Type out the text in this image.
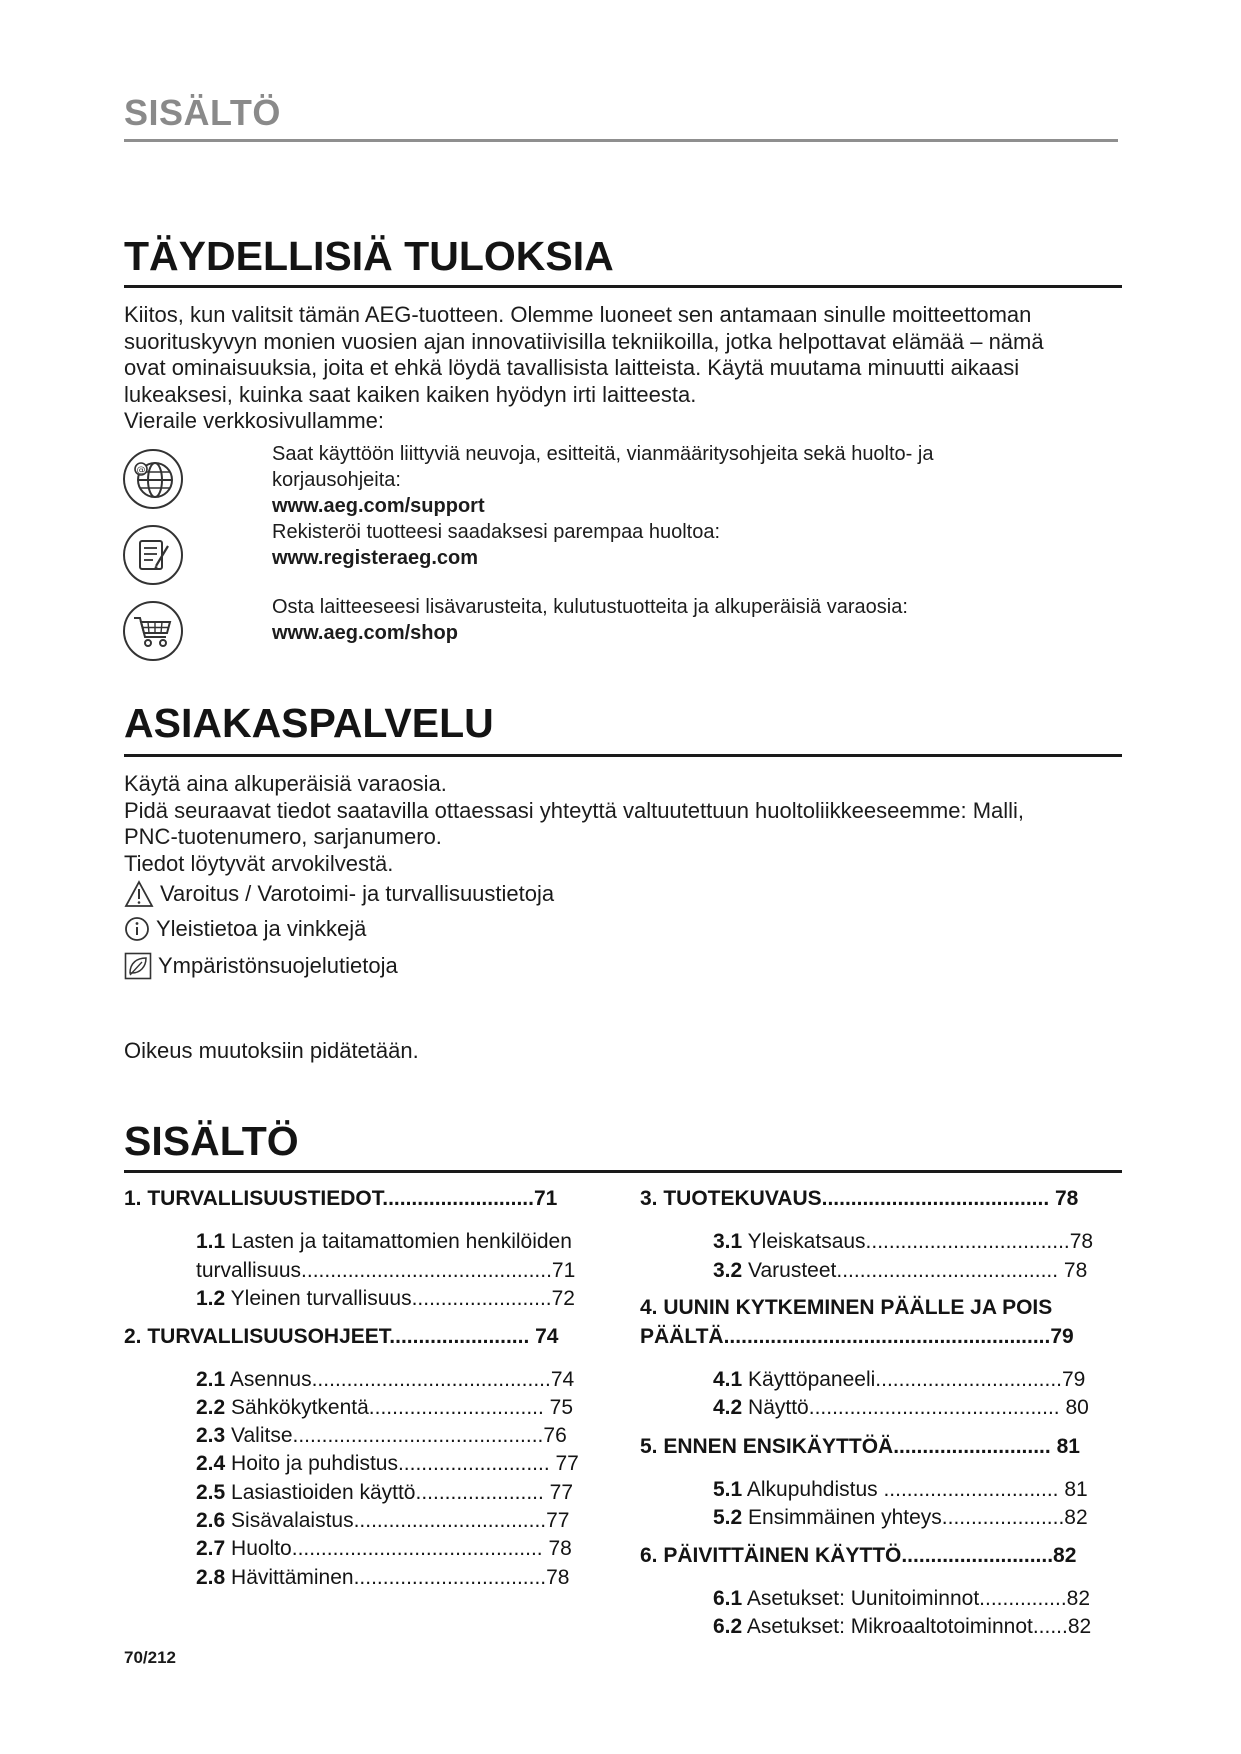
SISÄLTÖ
TÄYDELLISIÄ TULOKSIA
Kiitos, kun valitsit tämän AEG-tuotteen. Olemme luoneet sen antamaan sinulle moitteettoman
suorituskyvyn monien vuosien ajan innovatiivisilla tekniikoilla, jotka helpottavat elämää – nämä
ovat ominaisuuksia, joita et ehkä löydä tavallisista laitteista. Käytä muutama minuutti aikaasi
lukeaksesi, kuinka saat kaiken kaiken hyödyn irti laitteesta.
Vieraile verkkosivullamme:
@
Saat käyttöön liittyviä neuvoja, esitteitä, vianmääritysohjeita sekä huolto- ja
korjausohjeita:
www.aeg.com/support
Rekisteröi tuotteesi saadaksesi parempaa huoltoa:
www.registeraeg.com
Osta laitteeseesi lisävarusteita, kulutustuotteita ja alkuperäisiä varaosia:
www.aeg.com/shop
ASIAKASPALVELU
Käytä aina alkuperäisiä varaosia.
Pidä seuraavat tiedot saatavilla ottaessasi yhteyttä valtuutettuun huoltoliikkeeseemme: Malli,
PNC-tuotenumero, sarjanumero.
Tiedot löytyvät arvokilvestä.
Varoitus / Varotoimi- ja turvallisuustietoja
Yleistietoa ja vinkkejä
Ympäristönsuojelutietoja
Oikeus muutoksiin pidätetään.
SISÄLTÖ
1. TURVALLISUUSTIEDOT..........................71
1.1 Lasten ja taitamattomien henkilöiden
turvallisuus...........................................71
1.2 Yleinen turvallisuus........................72
2. TURVALLISUUSOHJEET........................ 74
2.1 Asennus.........................................74
2.2 Sähkökytkentä.............................. 75
2.3 Valitse...........................................76
2.4 Hoito ja puhdistus.......................... 77
2.5 Lasiastioiden käyttö...................... 77
2.6 Sisävalaistus.................................77
2.7 Huolto........................................... 78
2.8 Hävittäminen.................................78
3. TUOTEKUVAUS....................................... 78
3.1 Yleiskatsaus...................................78
3.2 Varusteet...................................... 78
4. UUNIN KYTKEMINEN PÄÄLLE JA POIS
PÄÄLTÄ........................................................79
4.1 Käyttöpaneeli................................79
4.2 Näyttö........................................... 80
5. ENNEN ENSIKÄYTTÖÄ........................... 81
5.1 Alkupuhdistus .............................. 81
5.2 Ensimmäinen yhteys.....................82
6. PÄIVITTÄINEN KÄYTTÖ..........................82
6.1 Asetukset: Uunitoiminnot...............82
6.2 Asetukset: Mikroaaltotoiminnot......82
70/212
